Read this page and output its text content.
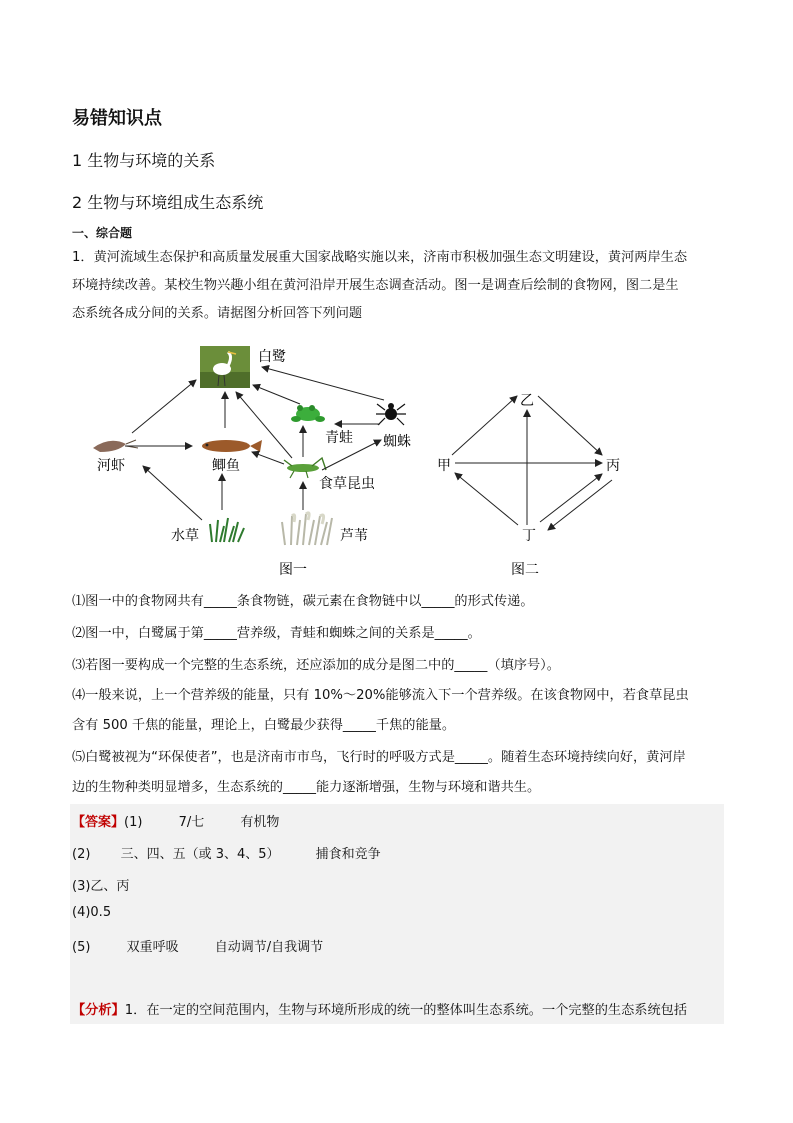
易错知识点
1 生物与环境的关系
2 生物与环境组成生态系统
一、综合题
1．黄河流域生态保护和高质量发展重大国家战略实施以来，济南市积极加强生态文明建设，黄河两岸生态
环境持续改善。某校生物兴趣小组在黄河沿岸开展生态调查活动。图一是调查后绘制的食物网，图二是生
态系统各成分间的关系。请据图分析回答下列问题
白鹭
青蛙 蜘蛛
河虾	鲫鱼
食草昆虫
水草	芦苇
图一
乙
甲	丙
丁
图二
⑴图一中的食物网共有_____条食物链，碳元素在食物链中以_____的形式传递。
⑵图一中，白鹭属于第_____营养级，青蛙和蜘蛛之间的关系是_____。
⑶若图一要构成一个完整的生态系统，还应添加的成分是图二中的_____（填序号）。
⑷一般来说，上一个营养级的能量，只有 10%～20%能够流入下一个营养级。在该食物网中，若食草昆虫
含有 500 千焦的能量，理论上，白鹭最少获得_____千焦的能量。
⑸白鹭被视为“环保使者”，也是济南市市鸟，飞行时的呼吸方式是_____。随着生态环境持续向好，黄河岸
边的生物种类明显增多，生态系统的_____能力逐渐增强，生物与环境和谐共生。
【答案】(1)	7/七	有机物
(2) 三、四、五（或 3、4、5）	捕食和竞争
(3)乙、丙
(4)0.5
(5)	双重呼吸	自动调节/自我调节
【分析】1．在一定的空间范围内，生物与环境所形成的统一的整体叫生态系统。一个完整的生态系统包括
